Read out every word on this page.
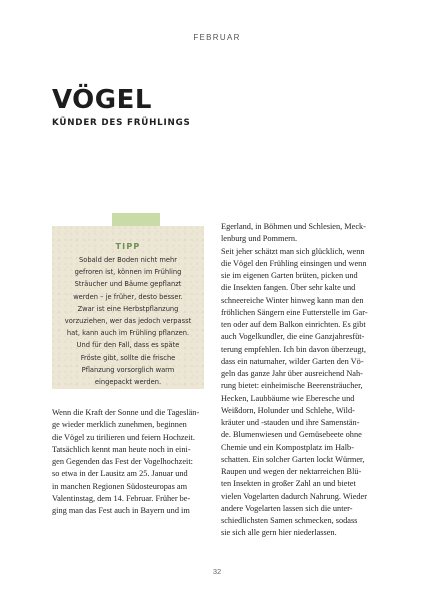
FEBRUAR
VÖGEL
KÜNDER DES FRÜHLINGS
TIPP
Sobald der Boden nicht mehr
gefroren ist, können im Frühling
Sträucher und Bäume gepflanzt
werden – je früher, desto besser.
Zwar ist eine Herbstpflanzung
vorzuziehen, wer das jedoch verpasst
hat, kann auch im Frühling pflanzen.
Und für den Fall, dass es späte
Fröste gibt, sollte die frische
Pflanzung vorsorglich warm
eingepackt werden.
Wenn die Kraft der Sonne und die Tageslän-
ge wieder merklich zunehmen, beginnen
die Vögel zu tirilieren und feiern Hochzeit.
Tatsächlich kennt man heute noch in eini-
gen Gegenden das Fest der Vogelhochzeit:
so etwa in der Lausitz am 25. Januar und
in manchen Regionen Südosteuropas am
Valentinstag, dem 14. Februar. Früher be-
ging man das Fest auch in Bayern und im
Egerland, in Böhmen und Schlesien, Meck-
lenburg und Pommern.
Seit jeher schätzt man sich glücklich, wenn
die Vögel den Frühling einsingen und wenn
sie im eigenen Garten brüten, picken und
die Insekten fangen. Über sehr kalte und
schneereiche Winter hinweg kann man den
fröhlichen Sängern eine Futterstelle im Gar-
ten oder auf dem Balkon einrichten. Es gibt
auch Vogelkundler, die eine Ganzjahresfüt-
terung empfehlen. Ich bin davon überzeugt,
dass ein naturnaher, wilder Garten den Vö-
geln das ganze Jahr über ausreichend Nah-
rung bietet: einheimische Beerensträucher,
Hecken, Laubbäume wie Eberesche und
Weißdorn, Holunder und Schlehe, Wild-
kräuter und -stauden und ihre Samenstän-
de. Blumenwiesen und Gemüsebeete ohne
Chemie und ein Kompostplatz im Halb-
schatten. Ein solcher Garten lockt Würmer,
Raupen und wegen der nektarreichen Blü-
ten Insekten in großer Zahl an und bietet
vielen Vogelarten dadurch Nahrung. Wieder
andere Vogelarten lassen sich die unter-
schiedlichsten Samen schmecken, sodass
sie sich alle gern hier niederlassen.
32
